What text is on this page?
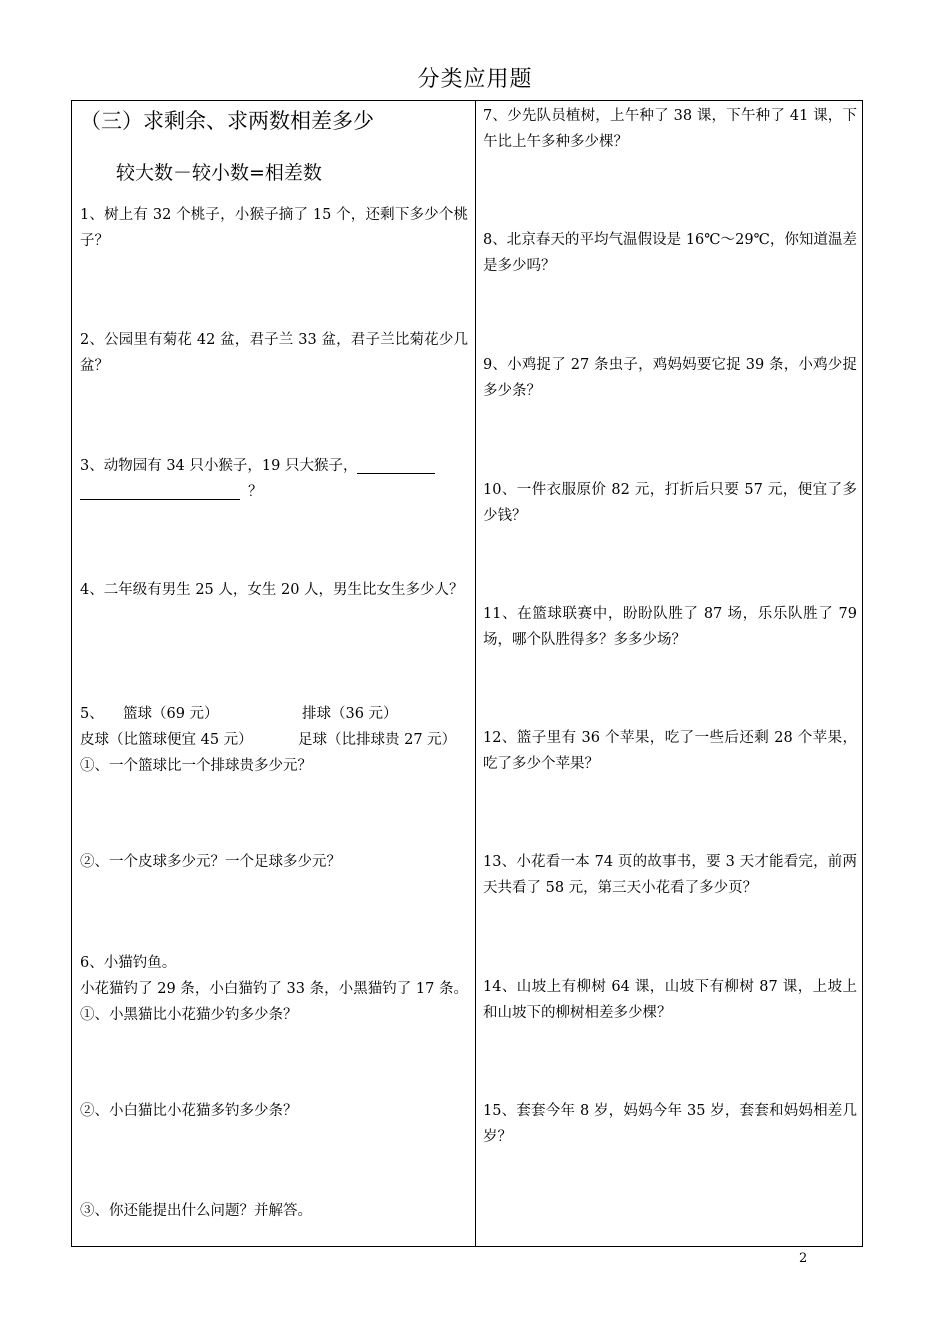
分类应用题
（三）求剩余、求两数相差多少
较大数－较小数=相差数
1、树上有 32 个桃子，小猴子摘了 15 个，还剩下多少个桃子？
2、公园里有菊花 42 盆，君子兰 33 盆，君子兰比菊花少几盆？
3、动物园有 34 只小猴子，19 只大猴子，
？
4、二年级有男生 25 人，女生 20 人，男生比女生多少人？
5、 篮球（69 元）	排球（36 元）
皮球（比篮球便宜 45 元）	足球（比排球贵 27 元）
①、一个篮球比一个排球贵多少元？
②、一个皮球多少元？一个足球多少元？
6、小猫钓鱼。
小花猫钓了 29 条，小白猫钓了 33 条，小黑猫钓了 17 条。①、小黑猫比小花猫少钓多少条？
②、小白猫比小花猫多钓多少条？
③、你还能提出什么问题？并解答。
7、少先队员植树，上午种了 38 课，下午种了 41 课，下午比上午多种多少棵？
8、北京春天的平均气温假设是 16℃～29℃，你知道温差是多少吗？
9、小鸡捉了 27 条虫子，鸡妈妈要它捉 39 条，小鸡少捉多少条？
10、一件衣服原价 82 元，打折后只要 57 元，便宜了多少钱？
11、在篮球联赛中，盼盼队胜了 87 场，乐乐队胜了 79 场，哪个队胜得多？多多少场？
12、篮子里有 36 个苹果，吃了一些后还剩 28 个苹果，吃了多少个苹果？
13、小花看一本 74 页的故事书，要 3 天才能看完，前两天共看了 58 元，第三天小花看了多少页？
14、山坡上有柳树 64 课，山坡下有柳树 87 课，上坡上和山坡下的柳树相差多少棵？
15、套套今年 8 岁，妈妈今年 35 岁，套套和妈妈相差几岁？
2
